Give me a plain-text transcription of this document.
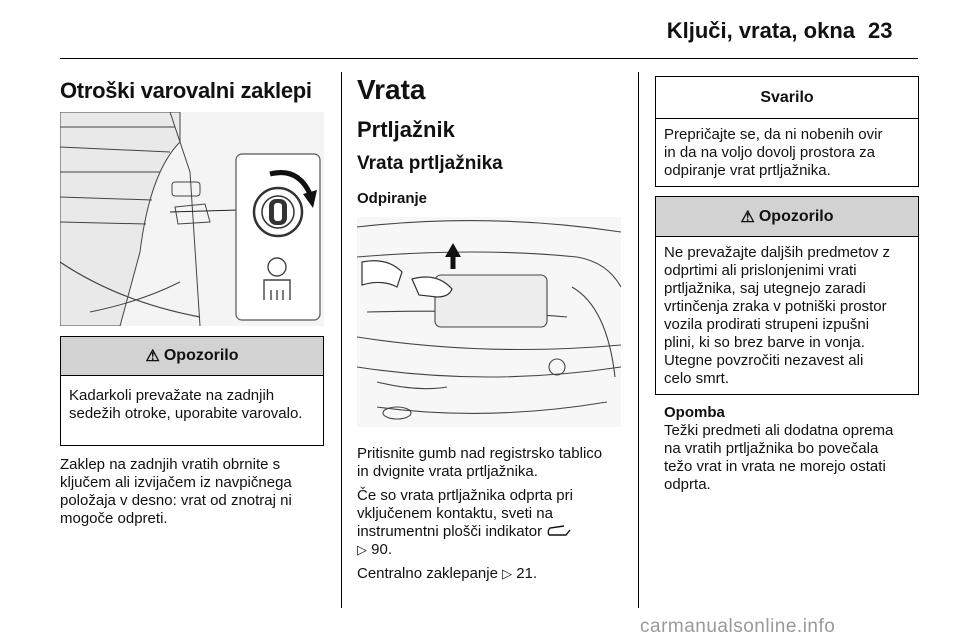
Ključi, vrata, okna 23
Otroški varovalni zaklepi
⚠ Opozorilo
Kadarkoli prevažate na zadnjih sedežih otroke, uporabite varovalo.
Zaklep na zadnjih vratih obrnite s
ključem ali izvijačem iz navpičnega
položaja v desno: vrat od znotraj ni
mogoče odpreti.
Vrata
Prtljažnik
Vrata prtljažnika
Odpiranje
Pritisnite gumb nad registrsko tablico
in dvignite vrata prtljažnika.
Če so vrata prtljažnika odprta pri
vključenem kontaktu, sveti na
instrumentni plošči indikator
▷ 90.
Centralno zaklepanje ▷ 21.
Svarilo
Prepričajte se, da ni nobenih ovir
in da na voljo dovolj prostora za
odpiranje vrat prtljažnika.
⚠ Opozorilo
Ne prevažajte daljših predmetov z
odprtimi ali prislonjenimi vrati
prtljažnika, saj utegnejo zaradi
vrtinčenja zraka v potniški prostor
vozila prodirati strupeni izpušni
plini, ki so brez barve in vonja.
Utegne povzročiti nezavest ali
celo smrt.
Opomba
Težki predmeti ali dodatna oprema
na vratih prtljažnika bo povečala
težo vrat in vrata ne morejo ostati
odprta.
carmanualsonline.info
